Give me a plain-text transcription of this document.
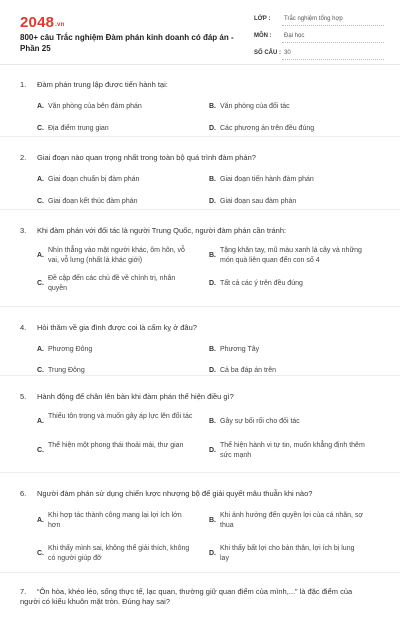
2048.vn
800+ câu Trắc nghiệm Đàm phán kinh doanh có đáp án - Phần 25
LỚP : Trắc nghiệm tổng hợp
MÔN : Đại học
SỐ CÂU : 30
1. Đàm phán trung lập được tiến hành tại:
A. Văn phòng của bên đàm phán	B. Văn phòng của đối tác
C. Địa điểm trung gian	D. Các phương án trên đều đúng
2. Giai đoạn nào quan trọng nhất trong toàn bộ quá trình đàm phán?
A. Giai đoạn chuẩn bị đàm phán	B. Giai đoạn tiến hành đàm phán
C. Giai đoạn kết thúc đàm phán	D. Giai đoạn sau đàm phán
3. Khi đàm phán với đối tác là người Trung Quốc, người đàm phán cần tránh:
A.
Nhìn thẳng vào mặt người khác, ôm hôn, vỗ vai, vỗ lưng (nhất là khác giới)
B.
Tặng khăn tay, mũ màu xanh lá cây và những món quà liên quan đến con số 4
C.
Đề cập đến các chủ đề về chính trị, nhân quyền
D. Tất cả các ý trên đều đúng
4. Hỏi thăm về gia đình được coi là cấm kỵ ở đâu?
A. Phương Đông	B. Phương Tây
C. Trung Đông	D. Cả ba đáp án trên
5. Hành động để chân lên bàn khi đàm phán thể hiện điều gì?
A.
Thiếu tôn trọng và muốn gây áp lực lên đối tác
B. Gây sự bối rối cho đối tác
C.
Thể hiện một phong thái thoải mái, thư gian
D.
Thể hiện hành vi tự tin, muốn khẳng định thêm sức mạnh
6. Người đàm phán sử dụng chiến lược nhượng bộ để giải quyết mâu thuẫn khi nào?
A.
Khi hợp tác thành công mang lại lợi ích lớn hơn
B.
Khi ảnh hưởng đến quyền lợi của cá nhân, sợ thua
C.
Khi thấy mình sai, không thể giải thích, không có người giúp đỡ
D.
Khi thấy bất lợi cho bản thân, lợi ích bị lung lay
7. “Ôn hòa, khéo léo, sống thực tế, lạc quan, thường giữ quan điểm của mình,...” là đặc điểm của người có kiểu khuôn mặt tròn. Đúng hay sai?
